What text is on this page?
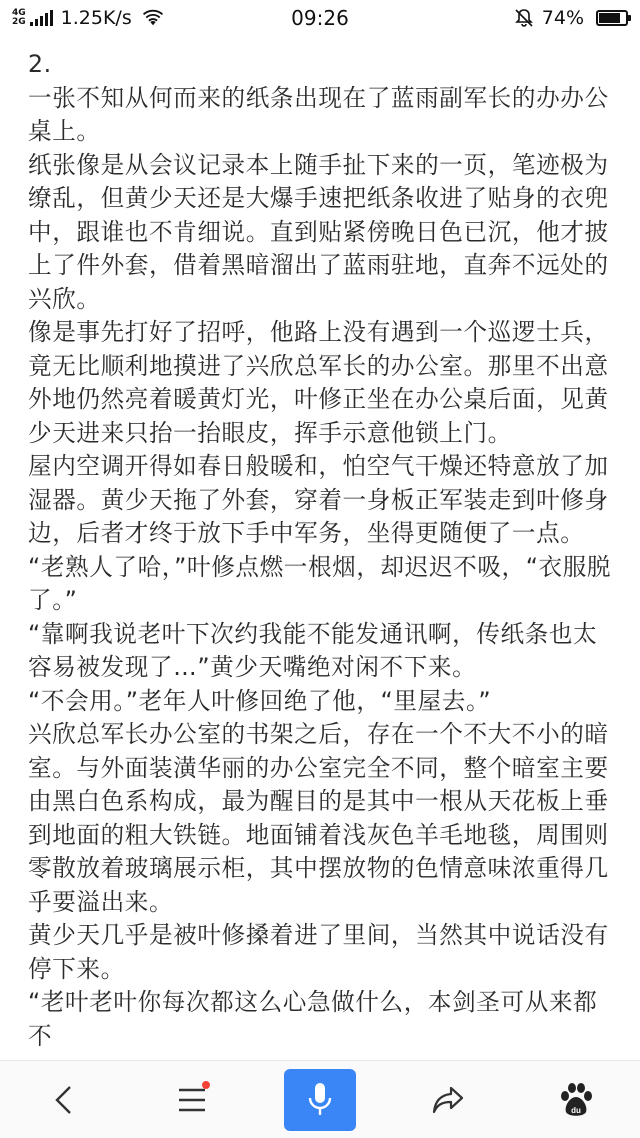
4G
2G 1.25K/s	09:26	74%

2.

一张不知从何而来的纸条出现在了蓝雨副军长的办办公桌上。

纸张像是从会议记录本上随手扯下来的一页，笔迹极为缭乱，但黄少天还是大爆手速把纸条收进了贴身的衣兜中，跟谁也不肯细说。直到贴紧傍晚日色已沉，他才披上了件外套，借着黑暗溜出了蓝雨驻地，直奔不远处的兴欣。

像是事先打好了招呼，他路上没有遇到一个巡逻士兵，竟无比顺利地摸进了兴欣总军长的办公室。那里不出意外地仍然亮着暖黄灯光，叶修正坐在办公桌后面，见黄少天进来只抬一抬眼皮，挥手示意他锁上门。

屋内空调开得如春日般暖和，怕空气干燥还特意放了加湿器。黄少天拖了外套，穿着一身板正军装走到叶修身边，后者才终于放下手中军务，坐得更随便了一点。

“老熟人了哈，”叶修点燃一根烟，却迟迟不吸，“衣服脱了。”

“靠啊我说老叶下次约我能不能发通讯啊，传纸条也太容易被发现了…”黄少天嘴绝对闲不下来。

“不会用。”老年人叶修回绝了他，“里屋去。”

兴欣总军长办公室的书架之后，存在一个不大不小的暗室。与外面装潢华丽的办公室完全不同，整个暗室主要由黑白色系构成，最为醒目的是其中一根从天花板上垂到地面的粗大铁链。地面铺着浅灰色羊毛地毯，周围则零散放着玻璃展示柜，其中摆放物的色情意味浓重得几乎要溢出来。

黄少天几乎是被叶修搡着进了里间，当然其中说话没有停下来。

“老叶老叶你每次都这么心急做什么，本剑圣可从来都不

du
